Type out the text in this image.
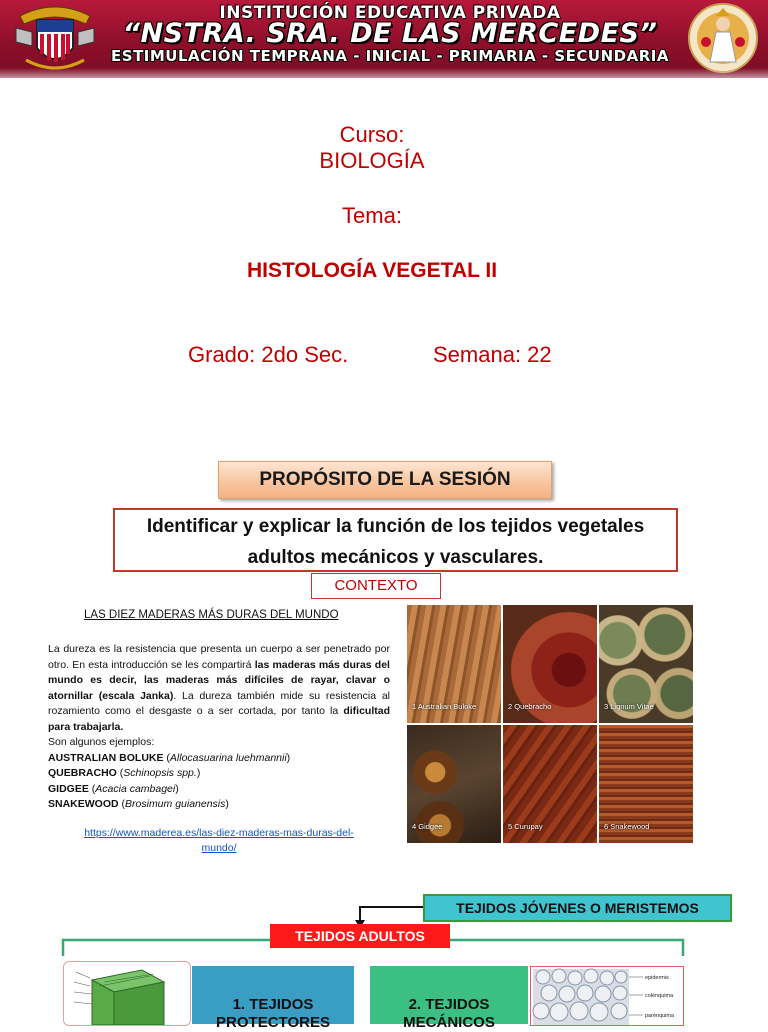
INSTITUCIÓN EDUCATIVA PRIVADA
“NSTRA. SRA. DE LAS MERCEDES”
ESTIMULACIÓN TEMPRANA - INICIAL - PRIMARIA - SECUNDARIA
Curso:
BIOLOGÍA
Tema:
HISTOLOGÍA VEGETAL II
Grado: 2do Sec.	Semana: 22
PROPÓSITO DE LA SESIÓN
Identificar y explicar la función de los tejidos vegetales
adultos mecánicos y vasculares.
CONTEXTO
LAS DIEZ MADERAS MÁS DURAS DEL MUNDO
La dureza es la resistencia que presenta un cuerpo a ser penetrado por otro. En esta introducción se les compartirá las maderas más duras del mundo es decir, las maderas más difíciles de rayar, clavar o atornillar (escala Janka). La dureza también mide su resistencia al rozamiento como el desgaste o a ser cortada, por tanto la dificultad para trabajarla.
Son algunos ejemplos:
AUSTRALIAN BOLUKE (Allocasuarina luehmannii)
QUEBRACHO (Schinopsis spp.)
GIDGEE (Acacia cambagei)
SNAKEWOOD (Brosimum guianensis)
https://www.maderea.es/las-diez-maderas-mas-duras-del-
mundo/
1 Australian Buloke	2 Quebracho	3 Lignum Vitae
4 Gidgee	5 Curupay	6 Snakewood
TEJIDOS JÓVENES O MERISTEMOS
TEJIDOS ADULTOS
1. TEJIDOS PROTECTORES
2. TEJIDOS MECÁNICOS
epidermis
colénquima
parénquima
